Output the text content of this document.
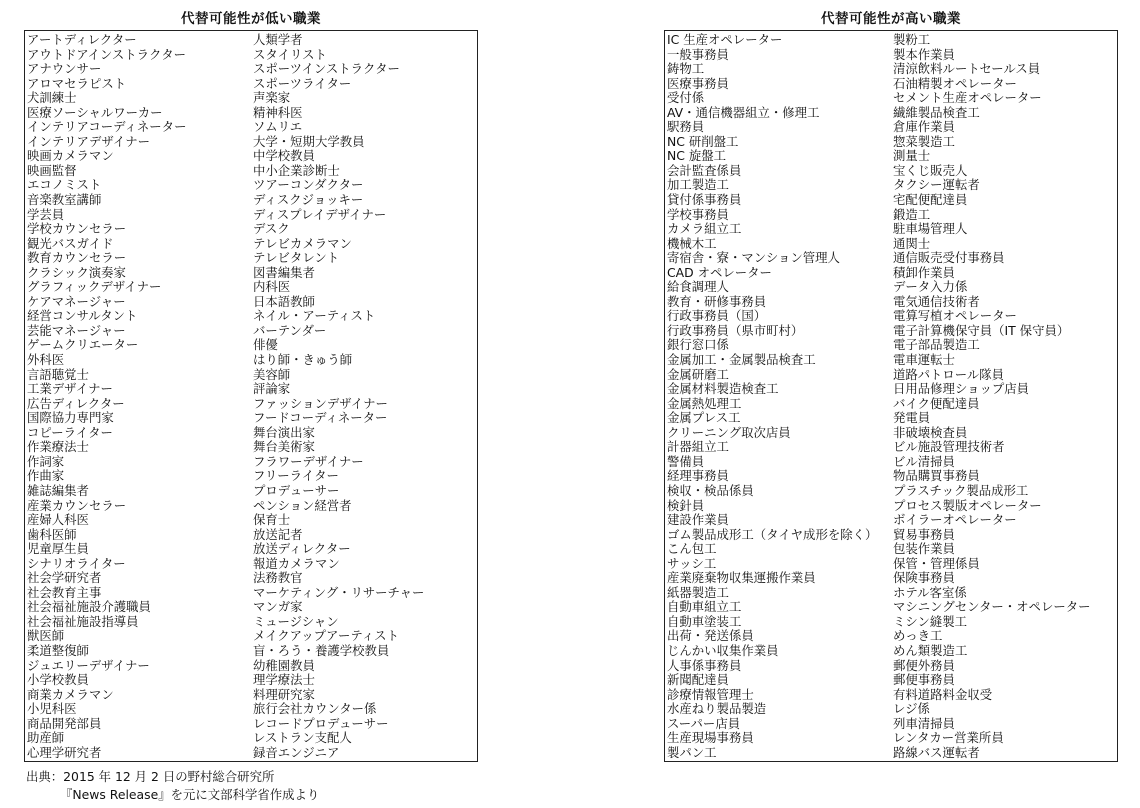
代替可能性が低い職業
アートディレクター
アウトドアインストラクター
アナウンサー
アロマセラピスト
犬訓練士
医療ソーシャルワーカー
インテリアコーディネーター
インテリアデザイナー
映画カメラマン
映画監督
エコノミスト
音楽教室講師
学芸員
学校カウンセラー
観光バスガイド
教育カウンセラー
クラシック演奏家
グラフィックデザイナー
ケアマネージャー
経営コンサルタント
芸能マネージャー
ゲームクリエーター
外科医
言語聴覚士
工業デザイナー
広告ディレクター
国際協力専門家
コピーライター
作業療法士
作詞家
作曲家
雑誌編集者
産業カウンセラー
産婦人科医
歯科医師
児童厚生員
シナリオライター
社会学研究者
社会教育主事
社会福祉施設介護職員
社会福祉施設指導員
獣医師
柔道整復師
ジュエリーデザイナー
小学校教員
商業カメラマン
小児科医
商品開発部員
助産師
心理学研究者
人類学者
スタイリスト
スポーツインストラクター
スポーツライター
声楽家
精神科医
ソムリエ
大学・短期大学教員
中学校教員
中小企業診断士
ツアーコンダクター
ディスクジョッキー
ディスプレイデザイナー
デスク
テレビカメラマン
テレビタレント
図書編集者
内科医
日本語教師
ネイル・アーティスト
バーテンダー
俳優
はり師・きゅう師
美容師
評論家
ファッションデザイナー
フードコーディネーター
舞台演出家
舞台美術家
フラワーデザイナー
フリーライター
プロデューサー
ペンション経営者
保育士
放送記者
放送ディレクター
報道カメラマン
法務教官
マーケティング・リサーチャー
マンガ家
ミュージシャン
メイクアップアーティスト
盲・ろう・養護学校教員
幼稚園教員
理学療法士
料理研究家
旅行会社カウンター係
レコードプロデューサー
レストラン支配人
録音エンジニア
代替可能性が高い職業
IC 生産オペレーター
一般事務員
鋳物工
医療事務員
受付係
AV・通信機器組立・修理工
駅務員
NC 研削盤工
NC 旋盤工
会計監査係員
加工製造工
貸付係事務員
学校事務員
カメラ組立工
機械木工
寄宿舎・寮・マンション管理人
CAD オペレーター
給食調理人
教育・研修事務員
行政事務員（国）
行政事務員（県市町村）
銀行窓口係
金属加工・金属製品検査工
金属研磨工
金属材料製造検査工
金属熱処理工
金属プレス工
クリーニング取次店員
計器組立工
警備員
経理事務員
検収・検品係員
検針員
建設作業員
ゴム製品成形工（タイヤ成形を除く）
こん包工
サッシ工
産業廃棄物収集運搬作業員
紙器製造工
自動車組立工
自動車塗装工
出荷・発送係員
じんかい収集作業員
人事係事務員
新聞配達員
診療情報管理士
水産ねり製品製造
スーパー店員
生産現場事務員
製パン工
製粉工
製本作業員
清涼飲料ルートセールス員
石油精製オペレーター
セメント生産オペレーター
繊維製品検査工
倉庫作業員
惣菜製造工
測量士
宝くじ販売人
タクシー運転者
宅配便配達員
鍛造工
駐車場管理人
通関士
通信販売受付事務員
積卸作業員
データ入力係
電気通信技術者
電算写植オペレーター
電子計算機保守員（IT 保守員）
電子部品製造工
電車運転士
道路パトロール隊員
日用品修理ショップ店員
バイク便配達員
発電員
非破壊検査員
ビル施設管理技術者
ビル清掃員
物品購買事務員
プラスチック製品成形工
プロセス製版オペレーター
ボイラーオペレーター
貿易事務員
包装作業員
保管・管理係員
保険事務員
ホテル客室係
マシニングセンター・オペレーター
ミシン縫製工
めっき工
めん類製造工
郵便外務員
郵便事務員
有料道路料金収受
レジ係
列車清掃員
レンタカー営業所員
路線バス運転者
出典：2015 年 12 月 2 日の野村総合研究所
『News Release』を元に文部科学省作成より
